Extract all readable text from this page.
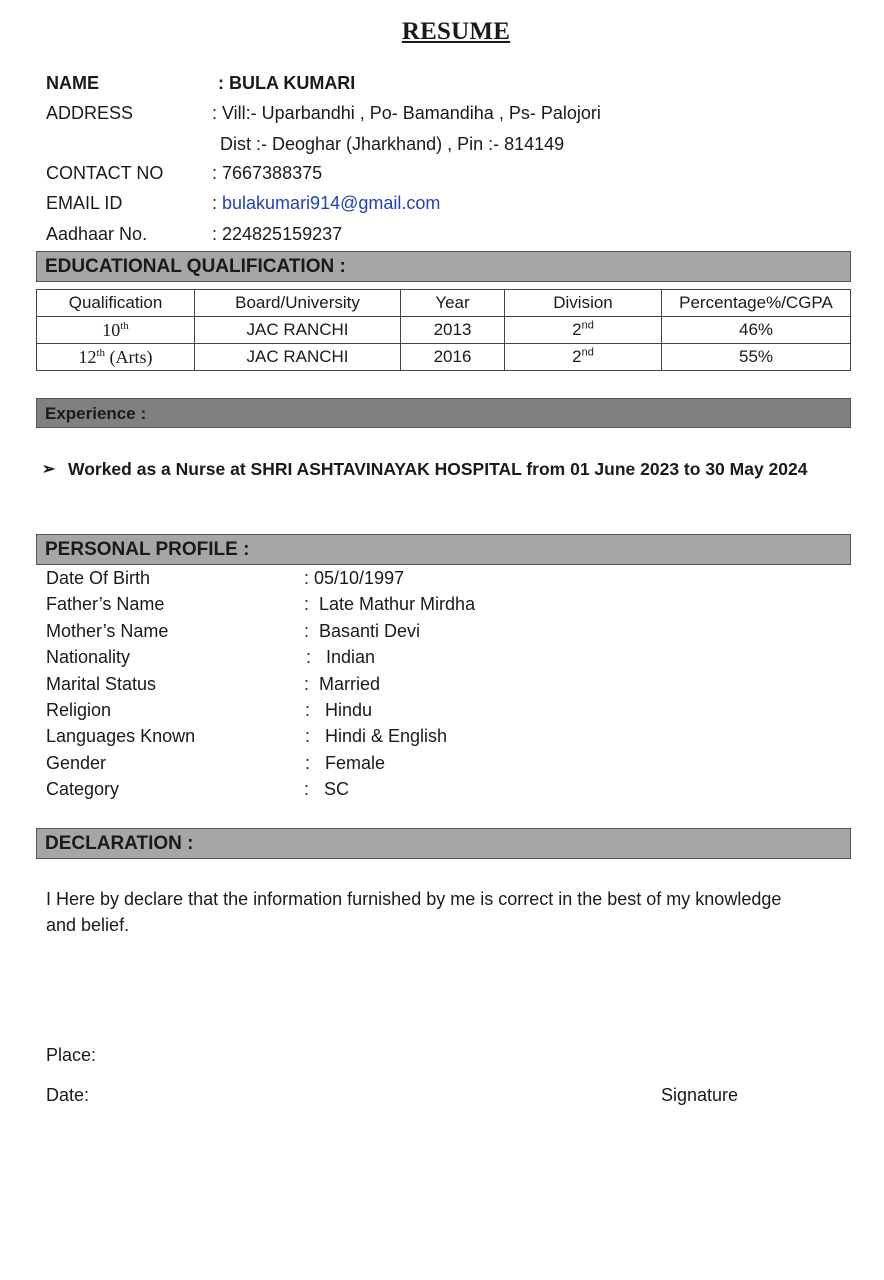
RESUME
NAME	: BULA KUMARI
ADDRESS	: Vill:- Uparbandhi , Po- Bamandiha , Ps- Palojori
Dist :- Deoghar (Jharkhand) , Pin :- 814149
CONTACT NO	: 7667388375
EMAIL ID	: bulakumari914@gmail.com
Aadhaar No.	: 224825159237
EDUCATIONAL QUALIFICATION :
Qualification	Board/University	Year	Division	Percentage%/CGPA
10th	JAC RANCHI	2013	2nd	46%
12th (Arts)	JAC RANCHI	2016	2nd	55%
Experience :
➢ Worked as a Nurse at SHRI ASHTAVINAYAK HOSPITAL from 01 June 2023 to 30 May 2024
PERSONAL PROFILE :
Date Of Birth	: 05/10/1997
Father’s Name	:  Late Mathur Mirdha
Mother’s Name	:  Basanti Devi
Nationality	:   Indian
Marital Status	:  Married
Religion	:   Hindu
Languages Known	:   Hindi & English
Gender	:   Female
Category	:   SC
DECLARATION :
I Here by declare that the information furnished by me is correct in the best of my knowledge and belief.
Place:
Date:	Signature
